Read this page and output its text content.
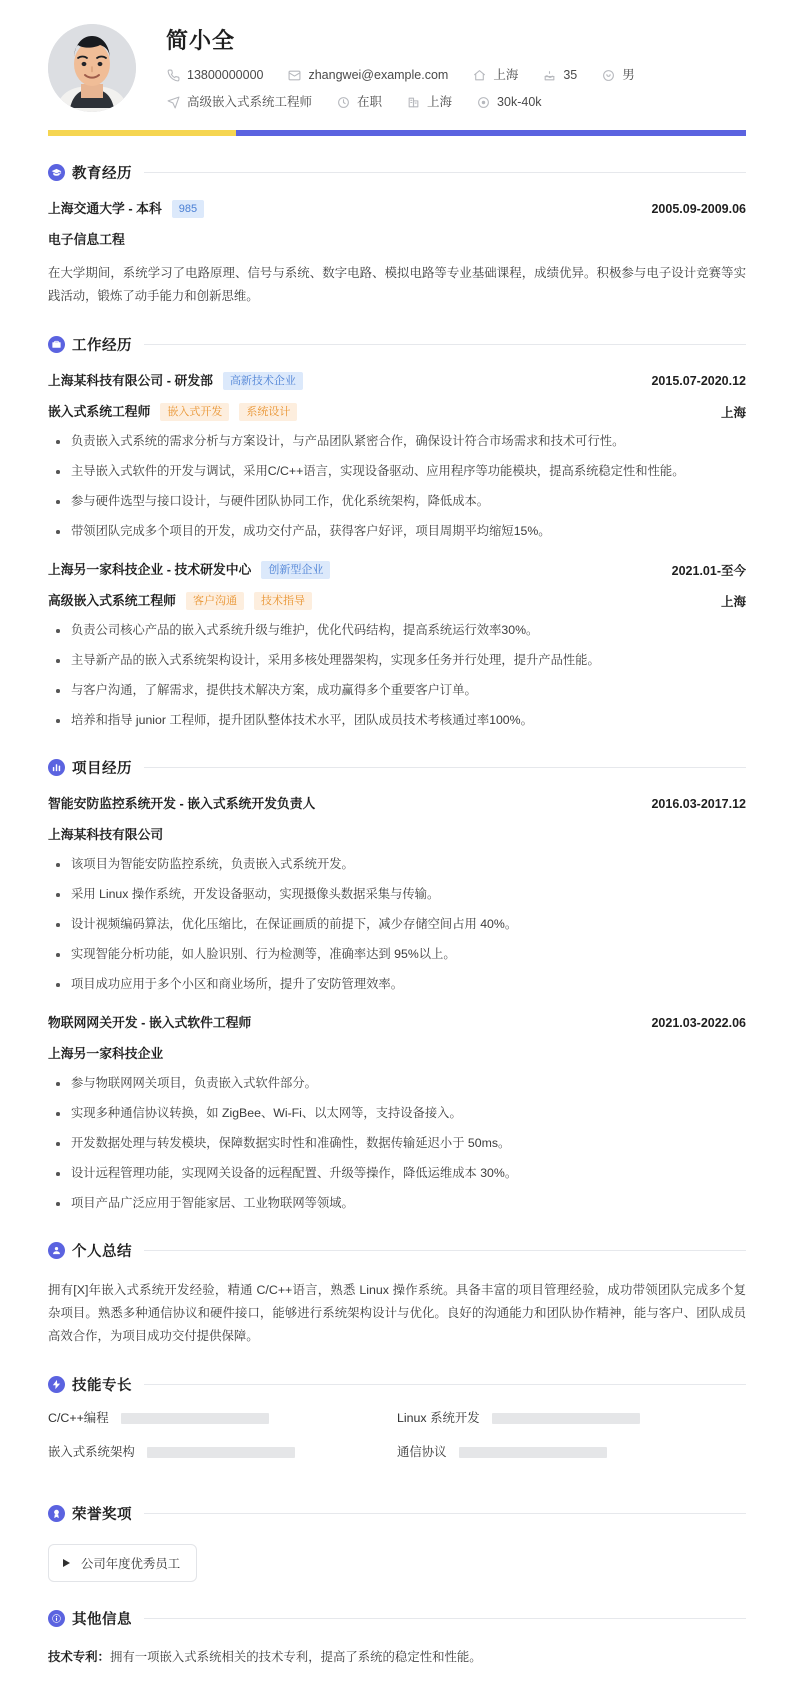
简小全
13800000000	zhangwei@example.com	上海	35	男
高级嵌入式系统工程师	在职	上海	30k-40k
教育经历
上海交通大学 - 本科	985	2005.09-2009.06
电子信息工程
在大学期间，系统学习了电路原理、信号与系统、数字电路、模拟电路等专业基础课程，成绩优异。积极参与电子设计竞赛等实践活动，锻炼了动手能力和创新思维。
工作经历
上海某科技有限公司 - 研发部	高新技术企业	2015.07-2020.12
嵌入式系统工程师	嵌入式开发	系统设计	上海
负责嵌入式系统的需求分析与方案设计，与产品团队紧密合作，确保设计符合市场需求和技术可行性。
主导嵌入式软件的开发与调试，采用C/C++语言，实现设备驱动、应用程序等功能模块，提高系统稳定性和性能。
参与硬件选型与接口设计，与硬件团队协同工作，优化系统架构，降低成本。
带领团队完成多个项目的开发，成功交付产品，获得客户好评，项目周期平均缩短15%。
上海另一家科技企业 - 技术研发中心	创新型企业	2021.01-至今
高级嵌入式系统工程师	客户沟通	技术指导	上海
负责公司核心产品的嵌入式系统升级与维护，优化代码结构，提高系统运行效率30%。
主导新产品的嵌入式系统架构设计，采用多核处理器架构，实现多任务并行处理，提升产品性能。
与客户沟通，了解需求，提供技术解决方案，成功赢得多个重要客户订单。
培养和指导 junior 工程师，提升团队整体技术水平，团队成员技术考核通过率100%。
项目经历
智能安防监控系统开发 - 嵌入式系统开发负责人	2016.03-2017.12
上海某科技有限公司
该项目为智能安防监控系统，负责嵌入式系统开发。
采用 Linux 操作系统，开发设备驱动，实现摄像头数据采集与传输。
设计视频编码算法，优化压缩比，在保证画质的前提下，减少存储空间占用 40%。
实现智能分析功能，如人脸识别、行为检测等，准确率达到 95%以上。
项目成功应用于多个小区和商业场所，提升了安防管理效率。
物联网网关开发 - 嵌入式软件工程师	2021.03-2022.06
上海另一家科技企业
参与物联网网关项目，负责嵌入式软件部分。
实现多种通信协议转换，如 ZigBee、Wi-Fi、以太网等，支持设备接入。
开发数据处理与转发模块，保障数据实时性和准确性，数据传输延迟小于 50ms。
设计远程管理功能，实现网关设备的远程配置、升级等操作，降低运维成本 30%。
项目产品广泛应用于智能家居、工业物联网等领域。
个人总结
拥有[X]年嵌入式系统开发经验，精通 C/C++语言，熟悉 Linux 操作系统。具备丰富的项目管理经验，成功带领团队完成多个复杂项目。熟悉多种通信协议和硬件接口，能够进行系统架构设计与优化。良好的沟通能力和团队协作精神，能与客户、团队成员高效合作，为项目成功交付提供保障。
技能专长
C/C++编程	Linux 系统开发
嵌入式系统架构	通信协议
荣誉奖项
公司年度优秀员工
其他信息
技术专利：拥有一项嵌入式系统相关的技术专利，提高了系统的稳定性和性能。
